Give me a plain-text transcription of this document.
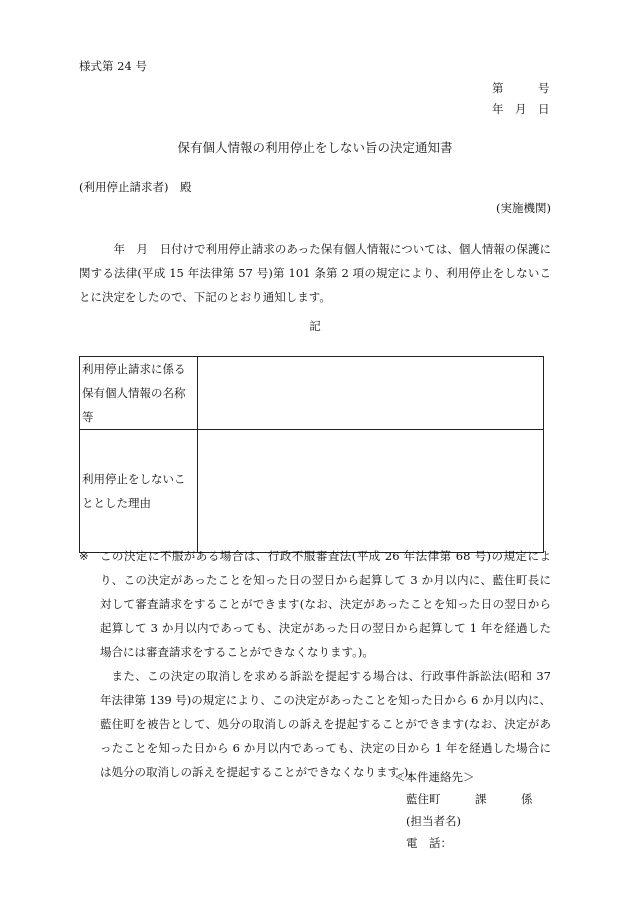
様式第 24 号
第　　　号
年　月　日
保有個人情報の利用停止をしない旨の決定通知書
(利用停止請求者)　殿
(実施機関)

年　月　日付けで利用停止請求のあった保有個人情報については、個人情報の保護に関する法律(平成 15 年法律第 57 号)第 101 条第 2 項の規定により、利用停止をしないことに決定をしたので、下記のとおり通知します。

記
利用停止請求に係る保有個人情報の名称等	
利用停止をしないこととした理由	
※ この決定に不服がある場合は、行政不服審査法(平成 26 年法律第 68 号)の規定により、この決定があったことを知った日の翌日から起算して 3 か月以内に、藍住町長に対して審査請求をすることができます(なお、決定があったことを知った日の翌日から起算して 3 か月以内であっても、決定があった日の翌日から起算して 1 年を経過した場合には審査請求をすることができなくなります。)。

また、この決定の取消しを求める訴訟を提起する場合は、行政事件訴訟法(昭和 37 年法律第 139 号)の規定により、この決定があったことを知った日から 6 か月以内に、藍住町を被告として、処分の取消しの訴えを提起することができます(なお、決定があったことを知った日から 6 か月以内であっても、決定の日から 1 年を経過した場合には処分の取消しの訴えを提起することができなくなります。)。

＜本件連絡先＞
藍住町　　　課　　　係
(担当者名)
電　話：
